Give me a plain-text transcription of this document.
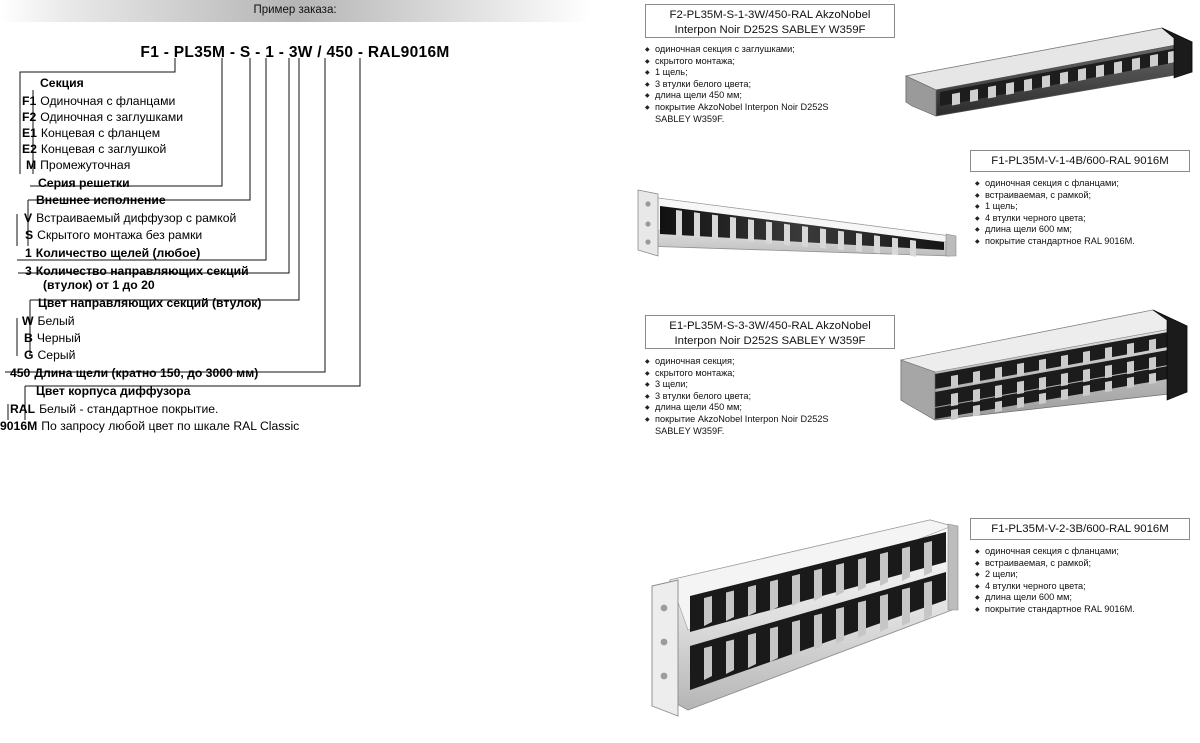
Пример заказа:
F1 - PL35M - S - 1 - 3W / 450 - RAL9016M
Секция
F1 Одиночная с фланцами
F2 Одиночная с заглушками
E1 Концевая с фланцем
E2 Концевая с заглушкой
M Промежуточная
Серия решетки
Внешнее исполнение
V Встраиваемый диффузор с рамкой
S Скрытого монтажа без рамки
1 Количество щелей (любое)
3 Количество направляющих секций
(втулок) от 1 до 20
Цвет направляющих секций (втулок)
W Белый
B Черный
G Серый
450 Длина щели (кратно 150, до 3000 мм)
Цвет корпуса диффузора
RAL Белый - стандартное покрытие.
9016M По запросу любой цвет по шкале RAL Classic
F2-PL35M-S-1-3W/450-RAL AkzoNobel Interpon Noir D252S SABLEY W359F
◆ одиночная секция с заглушками;
◆ скрытого монтажа;
◆ 1 щель;
◆ 3 втулки белого цвета;
◆ длина щели 450 мм;
◆ покрытие AkzoNobel Interpon Noir D252S SABLEY W359F.
F1-PL35M-V-1-4B/600-RAL 9016M
◆ одиночная секция с фланцами;
◆ встраиваемая, с рамкой;
◆ 1 щель;
◆ 4 втулки черного цвета;
◆ длина щели 600 мм;
◆ покрытие стандартное RAL 9016M.
E1-PL35M-S-3-3W/450-RAL AkzoNobel Interpon Noir D252S SABLEY W359F
◆ одиночная секция;
◆ скрытого монтажа;
◆ 3 щели;
◆ 3 втулки белого цвета;
◆ длина щели 450 мм;
◆ покрытие AkzoNobel Interpon Noir D252S SABLEY W359F.
F1-PL35M-V-2-3B/600-RAL 9016M
◆ одиночная секция с фланцами;
◆ встраиваемая, с рамкой;
◆ 2 щели;
◆ 4 втулки черного цвета;
◆ длина щели 600 мм;
◆ покрытие стандартное RAL 9016M.
